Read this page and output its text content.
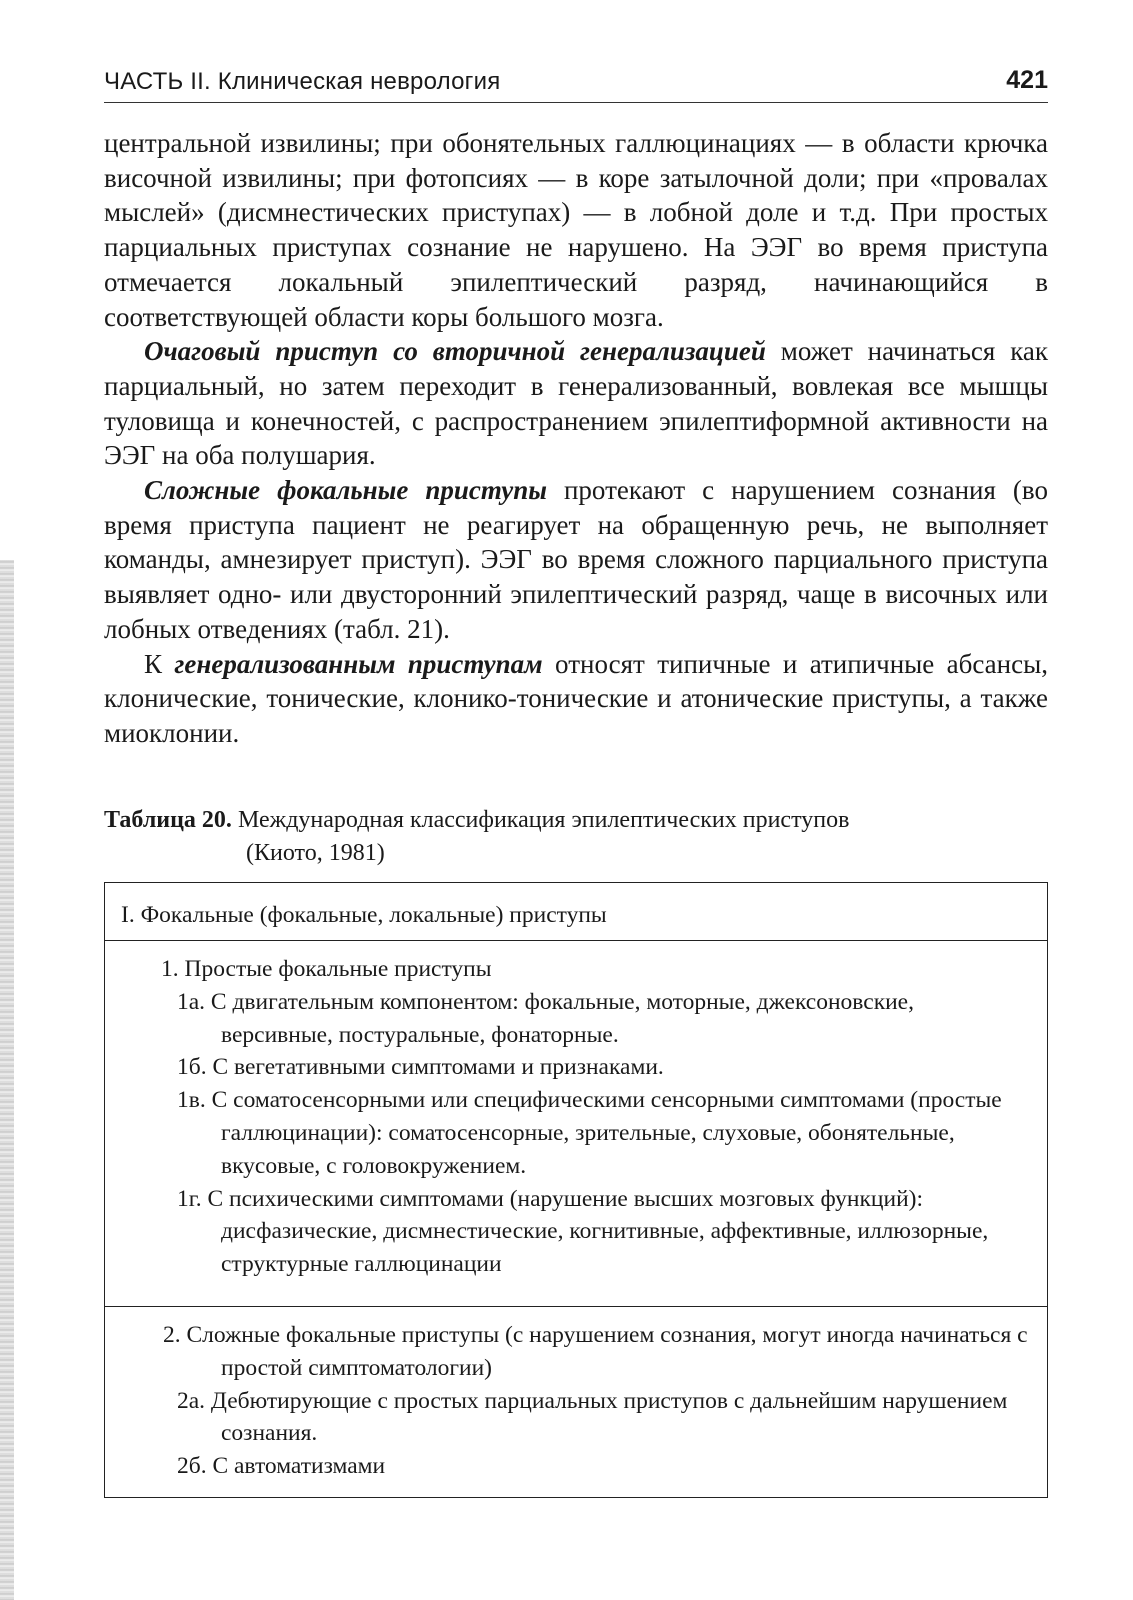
ЧАСТЬ II. Клиническая неврология	421

центральной извилины; при обонятельных галлюцинациях — в области крючка височной извилины; при фотопсиях — в коре затылочной доли; при «провалах мыслей» (дисмнестических приступах) — в лобной доле и т.д. При простых парциальных приступах сознание не нарушено. На ЭЭГ во время приступа отмечается локальный эпилептический разряд, начинающийся в соответствующей области коры большого мозга.

Очаговый приступ со вторичной генерализацией может начинаться как парциальный, но затем переходит в генерализованный, вовлекая все мышцы туловища и конечностей, с распространением эпилептиформной активности на ЭЭГ на оба полушария.

Сложные фокальные приступы протекают с нарушением сознания (во время приступа пациент не реагирует на обращенную речь, не выполняет команды, амнезирует приступ). ЭЭГ во время сложного парциального приступа выявляет одно- или двусторонний эпилептический разряд, чаще в височных или лобных отведениях (табл. 21).

К генерализованным приступам относят типичные и атипичные абсансы, клонические, тонические, клонико-тонические и атонические приступы, а также миоклонии.

Таблица 20. Международная классификация эпилептических приступов
(Киото, 1981)
I. Фокальные (фокальные, локальные) приступы
1. Простые фокальные приступы
1а. С двигательным компонентом: фокальные, моторные, джексоновские, версивные, постуральные, фонаторные.
1б. С вегетативными симптомами и признаками.
1в. С соматосенсорными или специфическими сенсорными симптомами (простые галлюцинации): соматосенсорные, зрительные, слуховые, обонятельные, вкусовые, с головокружением.
1г. С психическими симптомами (нарушение высших мозговых функций): дисфазические, дисмнестические, когнитивные, аффективные, иллюзорные, структурные галлюцинации
2. Сложные фокальные приступы (с нарушением сознания, могут иногда начинаться с простой симптоматологии)
2а. Дебютирующие с простых парциальных приступов с дальнейшим нарушением сознания.
2б. С автоматизмами
